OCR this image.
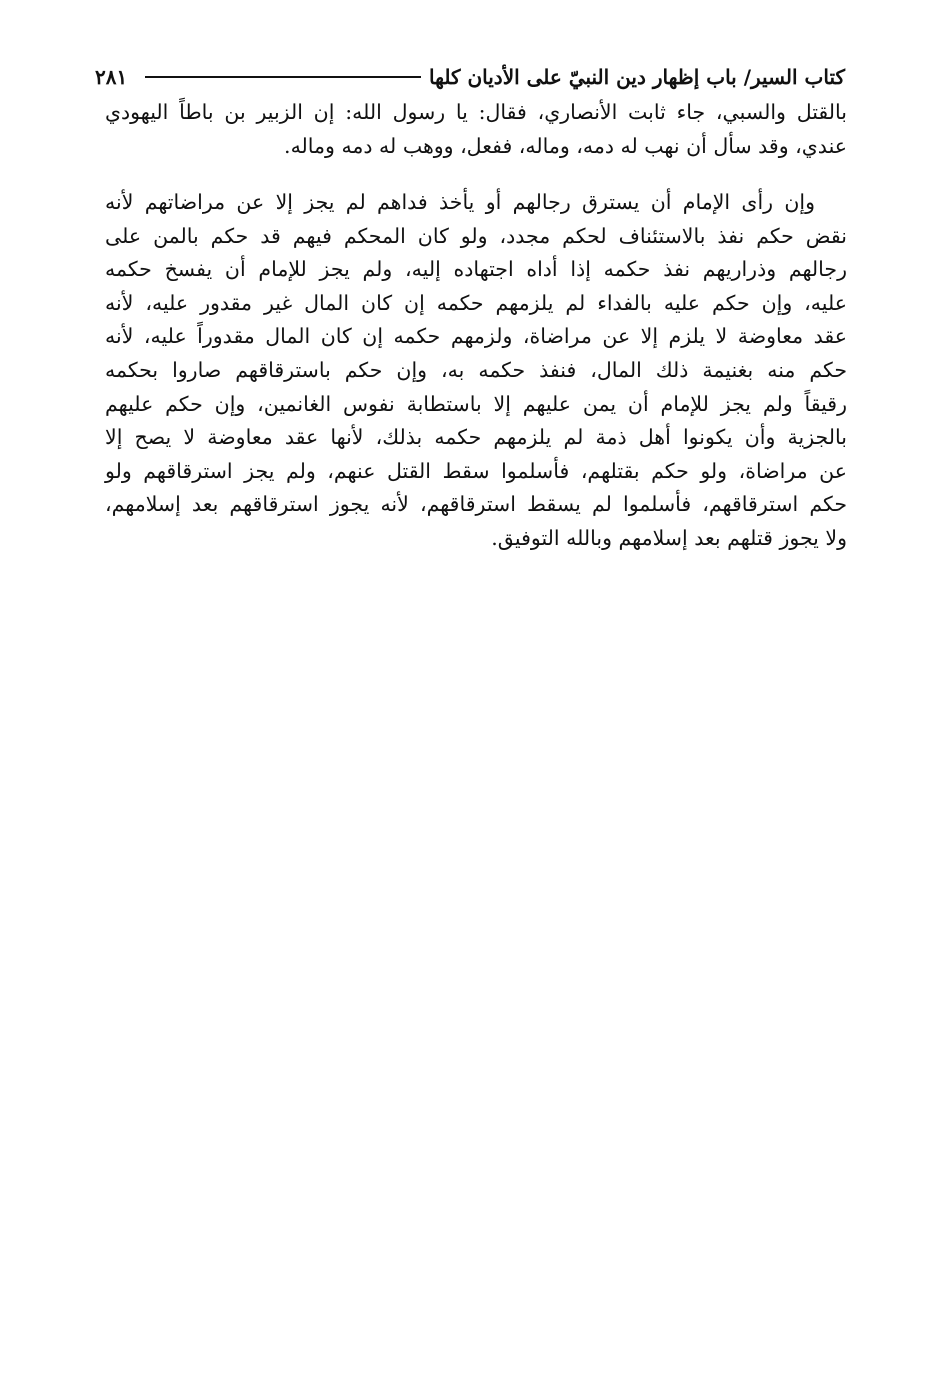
٢٨١	كتاب السير/ باب إظهار دين النبيّ على الأديان كلها
بالقتل والسبي، جاء ثابت الأنصاري، فقال: يا رسول الله: إن الزبير بن باطاً اليهودي
عندي، وقد سأل أن نهب له دمه، وماله، ففعل، ووهب له دمه وماله.
وإن رأى الإمام أن يسترق رجالهم أو يأخذ فداهم لم يجز إلا عن مراضاتهم لأنه
نقض حكم نفذ بالاستئناف لحكم مجدد، ولو كان المحكم فيهم قد حكم بالمن على
رجالهم وذراريهم نفذ حكمه إذا أداه اجتهاده إليه، ولم يجز للإمام أن يفسخ حكمه
عليه، وإن حكم عليه بالفداء لم يلزمهم حكمه إن كان المال غير مقدور عليه، لأنه
عقد معاوضة لا يلزم إلا عن مراضاة، ولزمهم حكمه إن كان المال مقدوراً عليه، لأنه
حكم منه بغنيمة ذلك المال، فنفذ حكمه به، وإن حكم باسترقاقهم صاروا بحكمه
رقيقاً ولم يجز للإمام أن يمن عليهم إلا باستطابة نفوس الغانمين، وإن حكم عليهم
بالجزية وأن يكونوا أهل ذمة لم يلزمهم حكمه بذلك، لأنها عقد معاوضة لا يصح إلا
عن مراضاة، ولو حكم بقتلهم، فأسلموا سقط القتل عنهم، ولم يجز استرقاقهم ولو
حكم استرقاقهم، فأسلموا لم يسقط استرقاقهم، لأنه يجوز استرقاقهم بعد إسلامهم،
ولا يجوز قتلهم بعد إسلامهم وبالله التوفيق.
